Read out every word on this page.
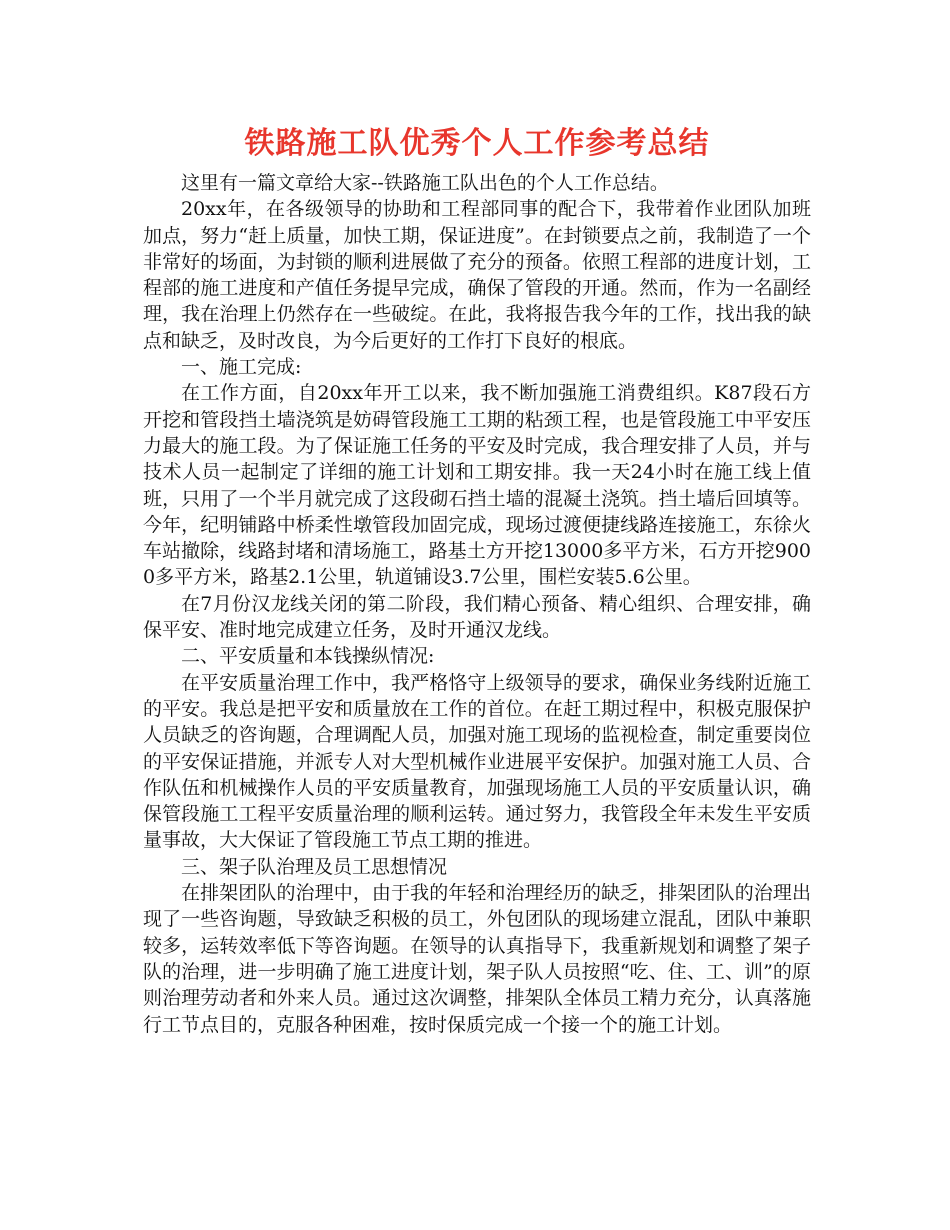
铁路施工队优秀个人工作参考总结

这里有一篇文章给大家--铁路施工队出色的个人工作总结。

20xx年，在各级领导的协助和工程部同事的配合下，我带着作业团队加班加点，努力“赶上质量，加快工期，保证进度”。在封锁要点之前，我制造了一个非常好的场面，为封锁的顺利进展做了充分的预备。依照工程部的进度计划，工程部的施工进度和产值任务提早完成，确保了管段的开通。然而，作为一名副经理，我在治理上仍然存在一些破绽。在此，我将报告我今年的工作，找出我的缺点和缺乏，及时改良，为今后更好的工作打下良好的根底。

一、施工完成:

在工作方面，自20xx年开工以来，我不断加强施工消费组织。K87段石方开挖和管段挡土墙浇筑是妨碍管段施工工期的粘颈工程，也是管段施工中平安压力最大的施工段。为了保证施工任务的平安及时完成，我合理安排了人员，并与技术人员一起制定了详细的施工计划和工期安排。我一天24小时在施工线上值班，只用了一个半月就完成了这段砌石挡土墙的混凝土浇筑。挡土墙后回填等。今年，纪明铺路中桥柔性墩管段加固完成，现场过渡便捷线路连接施工，东徐火车站撤除，线路封堵和清场施工，路基土方开挖13000多平方米，石方开挖9000多平方米，路基2.1公里，轨道铺设3.7公里，围栏安装5.6公里。

在7月份汉龙线关闭的第二阶段，我们精心预备、精心组织、合理安排，确保平安、准时地完成建立任务，及时开通汉龙线。

二、平安质量和本钱操纵情况:

在平安质量治理工作中，我严格恪守上级领导的要求，确保业务线附近施工的平安。我总是把平安和质量放在工作的首位。在赶工期过程中，积极克服保护人员缺乏的咨询题，合理调配人员，加强对施工现场的监视检查，制定重要岗位的平安保证措施，并派专人对大型机械作业进展平安保护。加强对施工人员、合作队伍和机械操作人员的平安质量教育，加强现场施工人员的平安质量认识，确保管段施工工程平安质量治理的顺利运转。通过努力，我管段全年未发生平安质量事故，大大保证了管段施工节点工期的推进。

三、架子队治理及员工思想情况

在排架团队的治理中，由于我的年轻和治理经历的缺乏，排架团队的治理出现了一些咨询题，导致缺乏积极的员工，外包团队的现场建立混乱，团队中兼职较多，运转效率低下等咨询题。在领导的认真指导下，我重新规划和调整了架子队的治理，进一步明确了施工进度计划，架子队人员按照“吃、住、工、训”的原则治理劳动者和外来人员。通过这次调整，排架队全体员工精力充分，认真落施行工节点目的，克服各种困难，按时保质完成一个接一个的施工计划。
